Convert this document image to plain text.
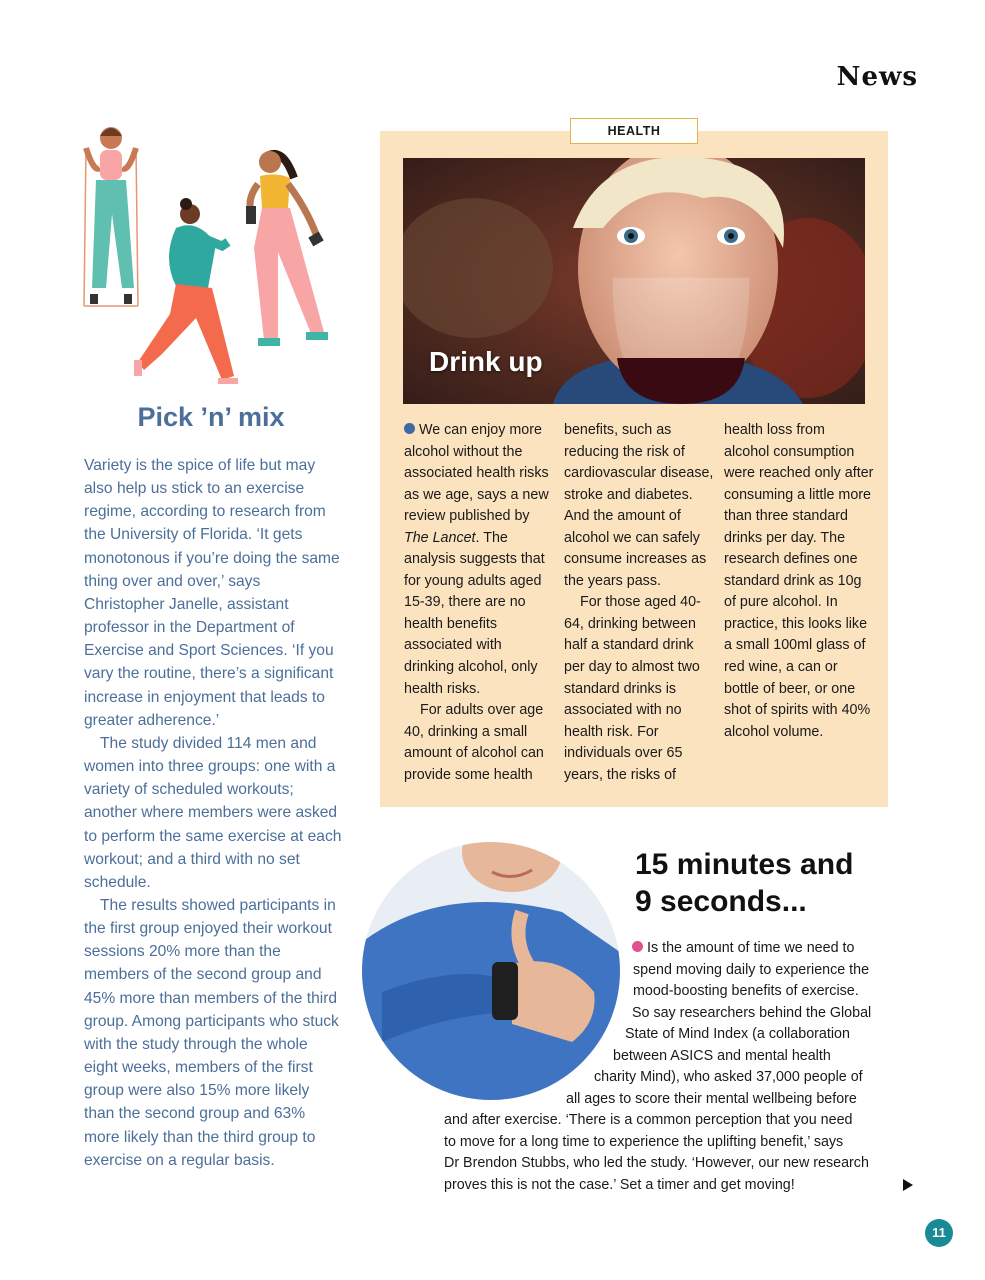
News
Pick ’n’ mix

Variety is the spice of life but may also help us stick to an exercise regime, according to research from the University of Florida. ‘It gets monotonous if you’re doing the same thing over and over,’ says Christopher Janelle, assistant professor in the Department of Exercise and Sport Sciences. ‘If you vary the routine, there’s a significant increase in enjoyment that leads to greater adherence.’

The study divided 114 men and women into three groups: one with a variety of scheduled workouts; another where members were asked to perform the same exercise at each workout; and a third with no set schedule.

The results showed participants in the first group enjoyed their workout sessions 20% more than the members of the second group and 45% more than members of the third group. Among participants who stuck with the study through the whole eight weeks, members of the first group were also 15% more likely than the second group and 63% more likely than the third group to exercise on a regular basis.

HEALTH
Drink up

We can enjoy more alcohol without the associated health risks as we age, says a new review published by The Lancet. The analysis suggests that for young adults aged 15-39, there are no health benefits associated with drinking alcohol, only health risks.

For adults over age 40, drinking a small amount of alcohol can provide some health benefits, such as reducing the risk of cardiovascular disease, stroke and diabetes. And the amount of alcohol we can safely consume increases as the years pass.

For those aged 40-64, drinking between half a standard drink per day to almost two standard drinks is associated with no health risk. For individuals over 65 years, the risks of health loss from alcohol consumption were reached only after consuming a little more than three standard drinks per day. The research defines one standard drink as 10g of pure alcohol. In practice, this looks like a small 100ml glass of red wine, a can or bottle of beer, or one shot of spirits with 40% alcohol volume.

15 minutes and
9 seconds...
Is the amount of time we need to
spend moving daily to experience the
mood-boosting benefits of exercise.
So say researchers behind the Global
State of Mind Index (a collaboration
between ASICS and mental health
charity Mind), who asked 37,000 people of
all ages to score their mental wellbeing before
and after exercise. ‘There is a common perception that you need
to move for a long time to experience the uplifting benefit,’ says
Dr Brendon Stubbs, who led the study. ‘However, our new research
proves this is not the case.’ Set a timer and get moving!
11
